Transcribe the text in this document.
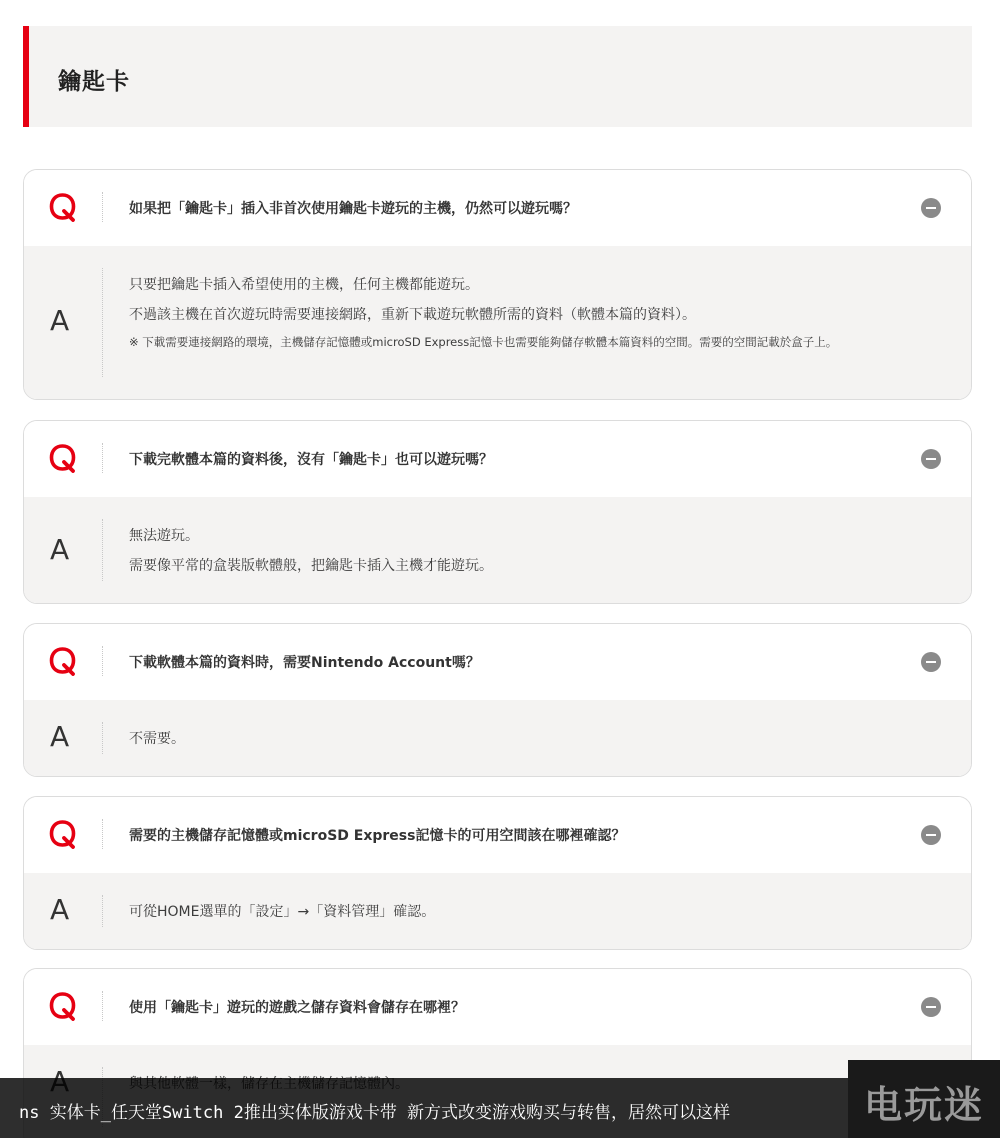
鑰匙卡
如果把「鑰匙卡」插入非首次使用鑰匙卡遊玩的主機，仍然可以遊玩嗎？
A
只要把鑰匙卡插入希望使用的主機，任何主機都能遊玩。
不過該主機在首次遊玩時需要連接網路，重新下載遊玩軟體所需的資料（軟體本篇的資料）。
※ 下載需要連接網路的環境，主機儲存記憶體或microSD Express記憶卡也需要能夠儲存軟體本篇資料的空間。需要的空間記載於盒子上。
下載完軟體本篇的資料後，沒有「鑰匙卡」也可以遊玩嗎？
A	無法遊玩。
需要像平常的盒裝版軟體般，把鑰匙卡插入主機才能遊玩。
下載軟體本篇的資料時，需要Nintendo Account嗎？
A	不需要。
需要的主機儲存記憶體或microSD Express記憶卡的可用空間該在哪裡確認？
A	可從HOME選單的「設定」→「資料管理」確認。
使用「鑰匙卡」遊玩的遊戲之儲存資料會儲存在哪裡？
ns 实体卡_任天堂Switch 2推出实体版游戏卡带 新方式改变游戏购买与转售，居然可以这样	电玩迷
